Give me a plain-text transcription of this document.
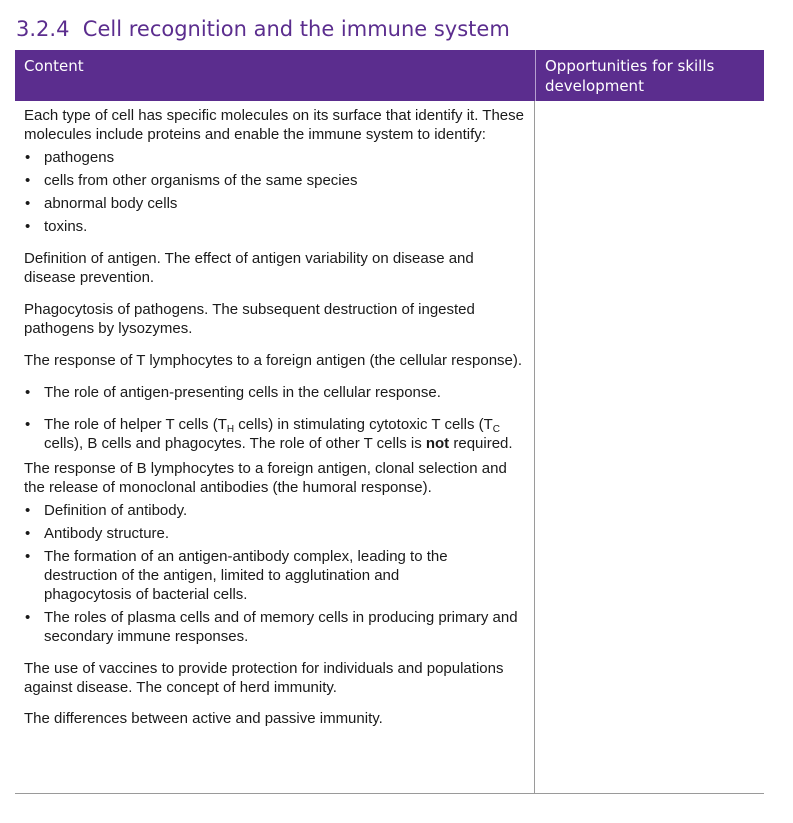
3.2.4 Cell recognition and the immune system
Content	Opportunities for skills development

Each type of cell has specific molecules on its surface that identify it. These molecules include proteins and enable the immune system to identify:

• pathogens
• cells from other organisms of the same species
• abnormal body cells
• toxins.

Definition of antigen. The effect of antigen variability on disease and disease prevention.

Phagocytosis of pathogens. The subsequent destruction of ingested pathogens by lysozymes.

The response of T lymphocytes to a foreign antigen (the cellular response).

• The role of antigen-presenting cells in the cellular response.
• The role of helper T cells ($T_H$ cells) in stimulating cytotoxic T cells ($T_C$ cells), B cells and phagocytes. The role of other T cells is not required.

The response of B lymphocytes to a foreign antigen, clonal selection and the release of monoclonal antibodies (the humoral response).

• Definition of antibody.
• Antibody structure.
• The formation of an antigen-antibody complex, leading to the destruction of the antigen, limited to agglutination and phagocytosis of bacterial cells.
• The roles of plasma cells and of memory cells in producing primary and secondary immune responses.

The use of vaccines to provide protection for individuals and populations against disease. The concept of herd immunity.

The differences between active and passive immunity.
